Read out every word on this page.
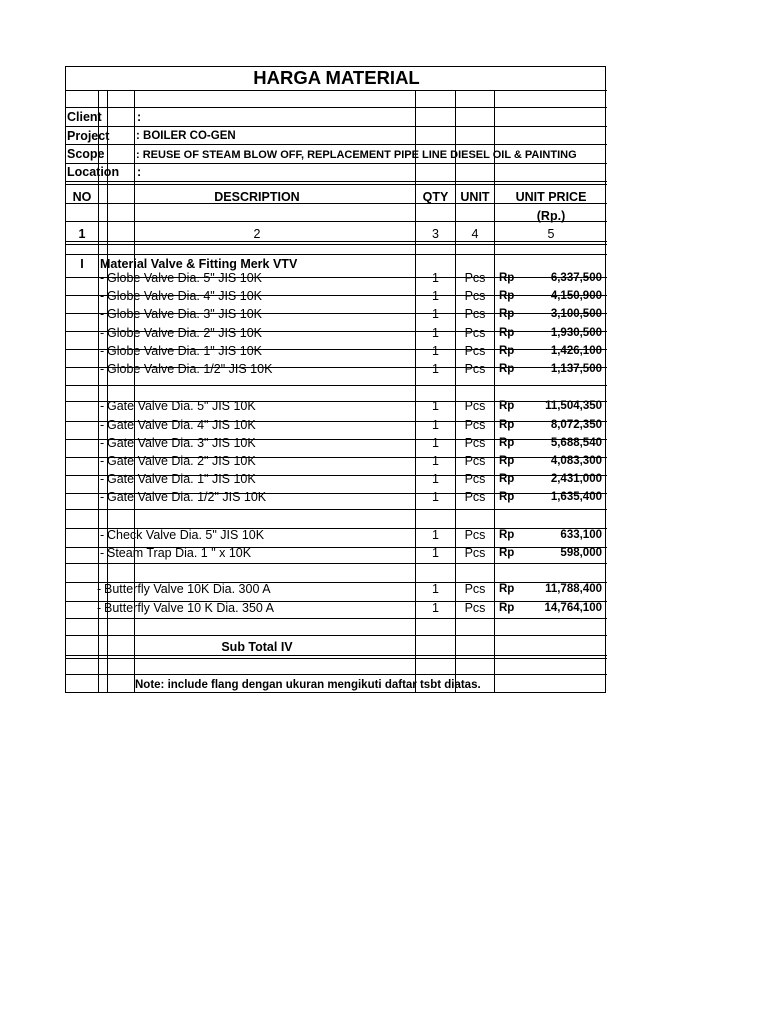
HARGA MATERIAL
Client	:
Project : BOILER CO-GEN
Scope	: REUSE OF STEAM BLOW OFF, REPLACEMENT PIPE LINE DIESEL OIL & PAINTING
Location :
NO	DESCRIPTION	QTY UNIT	UNIT PRICE
(Rp.)
1	2	3	4	5
I	Material Valve & Fitting Merk VTV
- Globe Valve Dia. 5" JIS 10K	1	Pcs	Rp	6,337,500
- Globe Valve Dia. 4" JIS 10K	1	Pcs	Rp	4,150,900
- Globe Valve Dia. 3" JIS 10K	1	Pcs	Rp	3,100,500
- Globe Valve Dia. 2" JIS 10K	1	Pcs	Rp	1,930,500
- Globe Valve Dia. 1" JIS 10K	1	Pcs	Rp	1,426,100
- Globe Valve Dia. 1/2" JIS 10K	1	Pcs	Rp	1,137,500
- Gate Valve Dia. 5" JIS 10K	1	Pcs	Rp	11,504,350
- Gate Valve Dia. 4" JIS 10K	1	Pcs	Rp	8,072,350
- Gate Valve Dia. 3" JIS 10K	1	Pcs	Rp	5,688,540
- Gate Valve Dia. 2" JIS 10K	1	Pcs	Rp	4,083,300
- Gate Valve Dia. 1" JIS 10K	1	Pcs	Rp	2,431,000
- Gate Valve Dia. 1/2" JIS 10K	1	Pcs	Rp	1,635,400
- Check Valve Dia. 5" JIS 10K	1	Pcs	Rp	633,100
- Steam Trap Dia. 1 " x 10K	1	Pcs	Rp	598,000
- Butterfly Valve 10K Dia. 300 A	1	Pcs	Rp	11,788,400
- Butterfly Valve 10 K Dia. 350 A	1	Pcs	Rp	14,764,100
Sub Total IV
Note: include flang dengan ukuran mengikuti daftar tsbt diatas.
